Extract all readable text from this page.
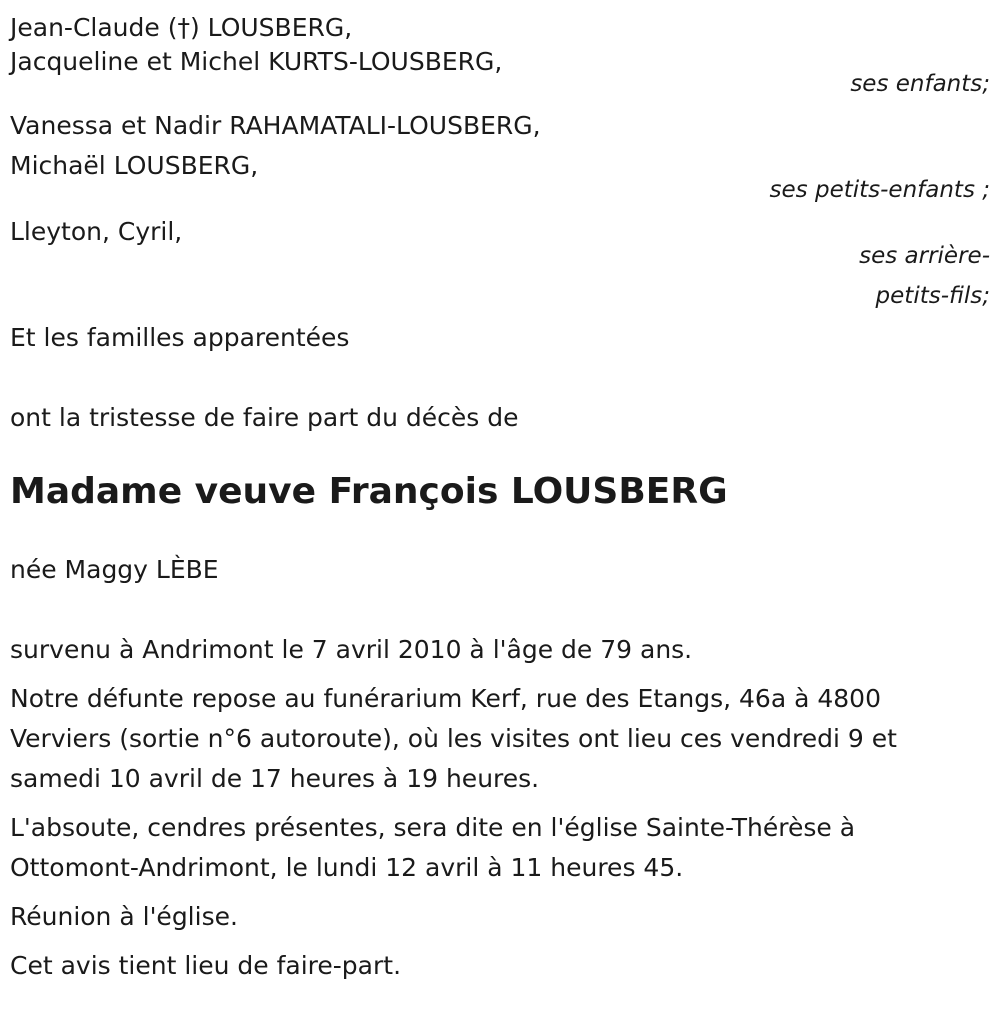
Jean-Claude (†) LOUSBERG,

Jacqueline et Michel KURTS-LOUSBERG,

ses enfants;

Vanessa et Nadir RAHAMATALI-LOUSBERG,

Michaël LOUSBERG,

ses petits-enfants ;

Lleyton, Cyril,

ses arrière-

petits-fils;

Et les familles apparentées

ont la tristesse de faire part du décès de

Madame veuve François LOUSBERG

née Maggy LÈBE

survenu à Andrimont le 7 avril 2010 à l'âge de 79 ans.

Notre défunte repose au funérarium Kerf, rue des Etangs, 46a à 4800 Verviers (sortie n°6 autoroute), où les visites ont lieu ces vendredi 9 et samedi 10 avril de 17 heures à 19 heures.

L'absoute, cendres présentes, sera dite en l'église Sainte-Thérèse à Ottomont-Andrimont, le lundi 12 avril à 11 heures 45.

Réunion à l'église.

Cet avis tient lieu de faire-part.
